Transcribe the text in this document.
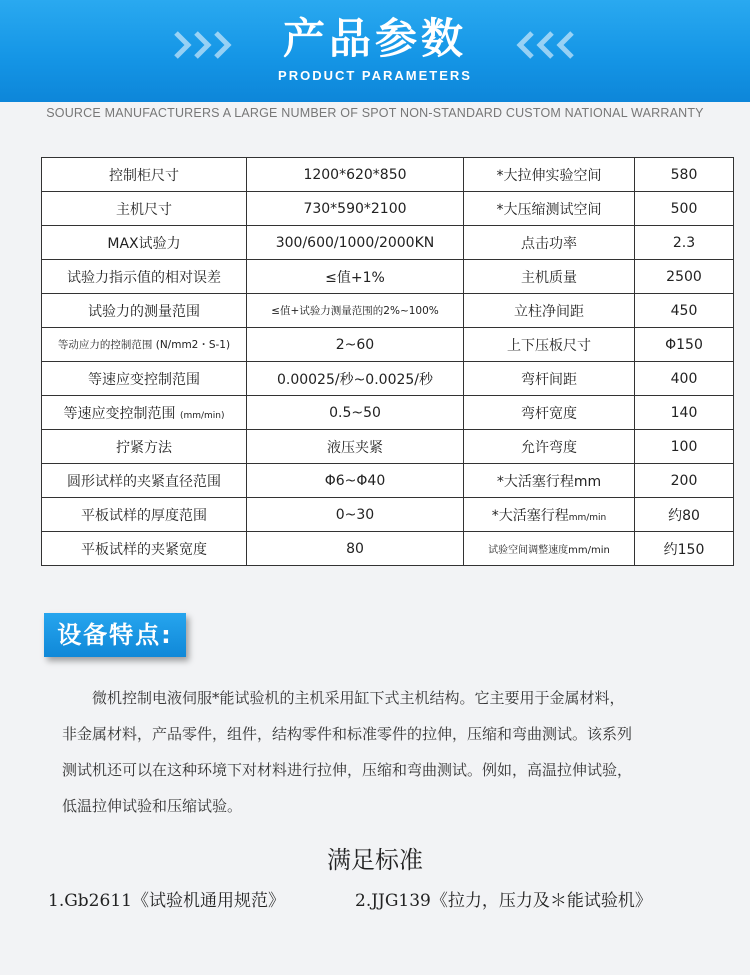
产品参数
PRODUCT PARAMETERS
SOURCE MANUFACTURERS A LARGE NUMBER OF SPOT NON-STANDARD CUSTOM NATIONAL WARRANTY
控制柜尺寸	1200*620*850	*大拉伸实验空间	580
主机尺寸	730*590*2100	*大压缩测试空间	500
MAX试验力	300/600/1000/2000KN	点击功率	2.3
试验力指示值的相对误差	≤值+1%	主机质量	2500
试验力的测量范围	≤值+试验力测量范围的2%~100%	立柱净间距	450
等动应力的控制范围 (N/mm2・S-1)	2~60	上下压板尺寸	Φ150
等速应变控制范围	0.00025/秒~0.0025/秒	弯杆间距	400
等速应变控制范围 (mm/min)	0.5~50	弯杆宽度	140
拧紧方法	液压夹紧	允许弯度	100
圆形试样的夹紧直径范围	Φ6~Φ40	*大活塞行程mm	200
平板试样的厚度范围	0~30	*大活塞行程mm/min	约80
平板试样的夹紧宽度	80	试验空间调整速度mm/min	约150
设备特点:

微机控制电液伺服*能试验机的主机采用缸下式主机结构。它主要用于金属材料，

非金属材料，产品零件，组件，结构零件和标准零件的拉伸，压缩和弯曲测试。该系列

测试机还可以在这种环境下对材料进行拉伸，压缩和弯曲测试。例如，高温拉伸试验，

低温拉伸试验和压缩试验。

满足标准
1.Gb2611《试验机通用规范》	2.JJG139《拉力，压力及＊能试验机》
